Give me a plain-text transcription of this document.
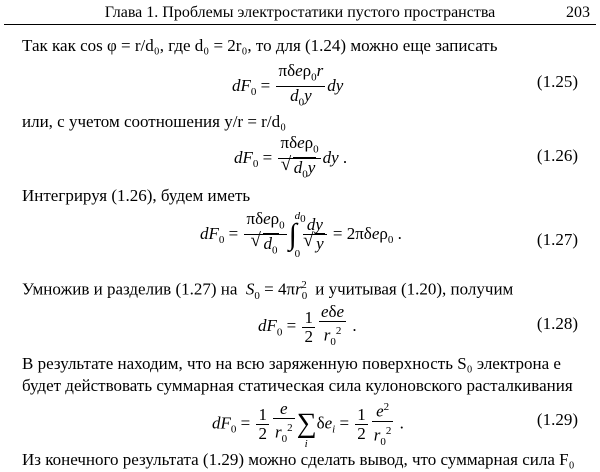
Глава 1. Проблемы электростатики пустого пространства	203
Так как cos φ = r/d₀, где d₀ = 2r₀, то для (1.24) можно еще записать
$dF_0 = \frac{\pi\delta e\rho_0r}{d_0y}$ dy	(1.25)
или, с учетом соотношения y/r = r/d₀
$dF_0 = \pi\delta e\rho_0$
√ $d_0y$ dy .	(1.26)
Интегрируя (1.26), будем иметь
$dF_0 = \pi\delta e\rho_0$
√ $d_0$ ∫
$d_0$
0

dy
√ y = 2πδeρ$_0$ .	(1.27)
Умножив и разделив (1.27) на $S_0 = 4\pi r_0^2$ и учитывая (1.20), получим
$dF_0 = \frac{1}{2} \frac{\text{eδe}}{r_0^2}$ .	(1.28)
В результате находим, что на всю заряженную поверхность S₀ электрона e
будет действовать суммарная статическая сила кулоновского расталкивания
$dF_0 = \frac{1}{2} \frac{e}{r_0^2}$ ∑
i
$\delta e_i = \frac{1}{2} \frac{e^2}{r_0^2}$ .	(1.29)
Из конечного результата (1.29) можно сделать вывод, что суммарная сила F₀
